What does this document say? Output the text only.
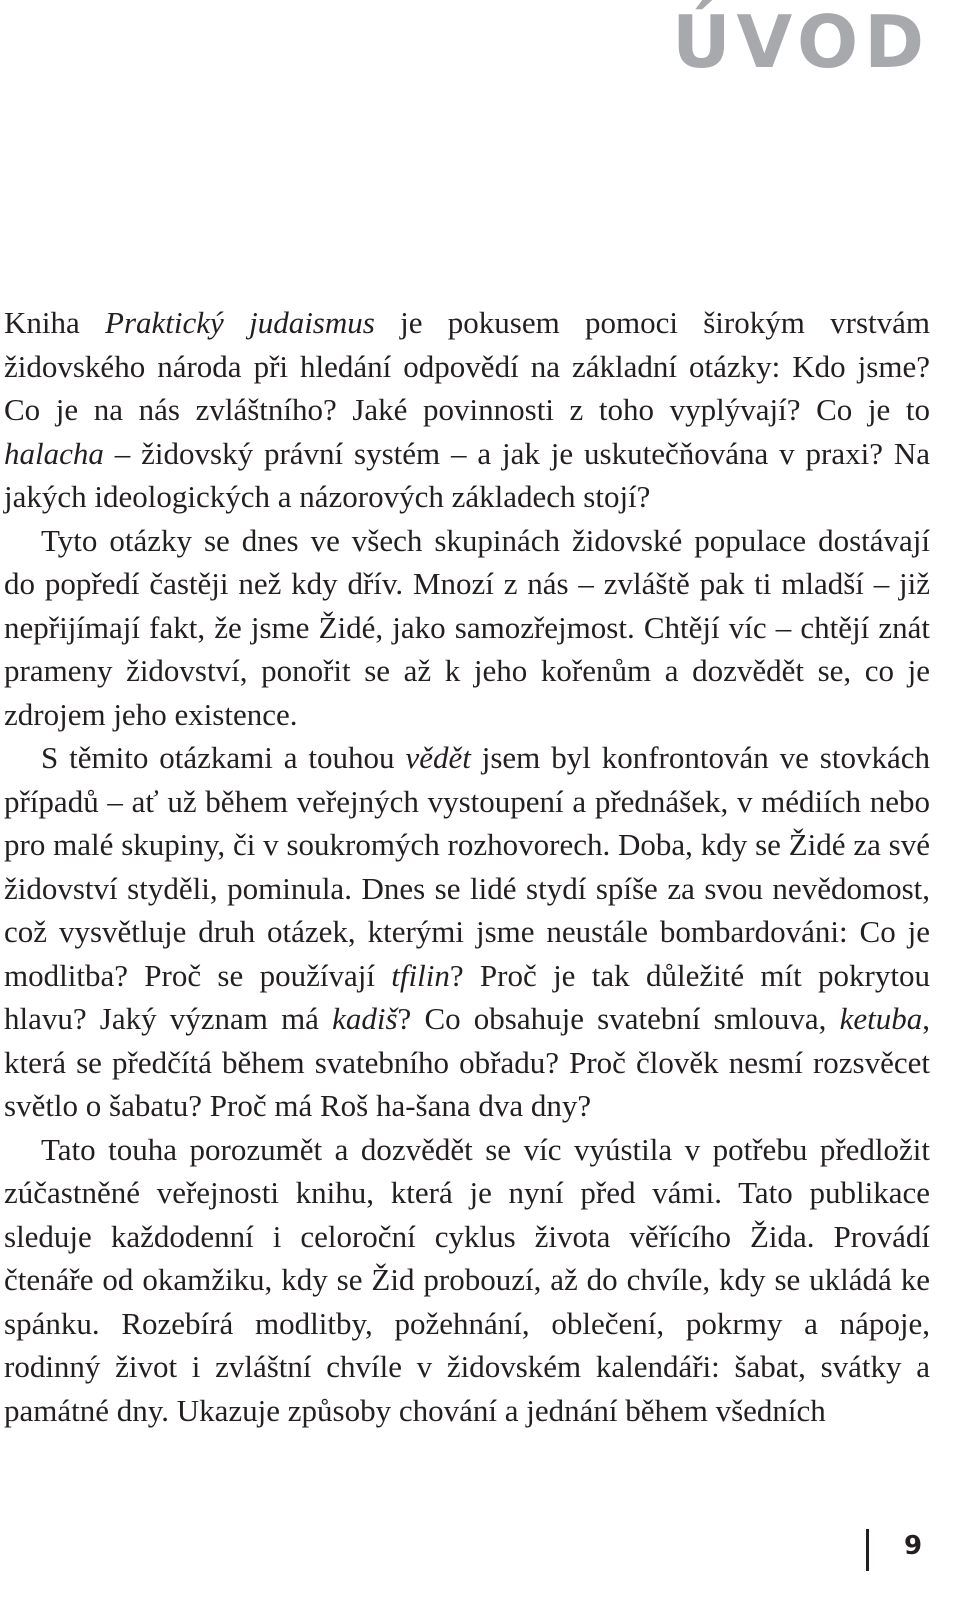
ÚVOD

Kniha Praktický judaismus je pokusem pomoci širokým vrstvám židovského národa při hledání odpovědí na základní otázky: Kdo jsme? Co je na nás zvláštního? Jaké povinnosti z toho vyplývají? Co je to halacha – židovský právní systém – a jak je uskutečňována v praxi? Na jakých ideologických a názorových základech stojí?

Tyto otázky se dnes ve všech skupinách židovské populace dostávají do popředí častěji než kdy dřív. Mnozí z nás – zvláště pak ti mladší – již nepřijímají fakt, že jsme Židé, jako samozřejmost. Chtějí víc – chtějí znát prameny židovství, ponořit se až k jeho kořenům a dozvědět se, co je zdrojem jeho existence.

S těmito otázkami a touhou vědět jsem byl konfrontován ve stovkách případů – ať už během veřejných vystoupení a přednášek, v médiích nebo pro malé skupiny, či v soukromých rozhovorech. Doba, kdy se Židé za své židovství styděli, pominula. Dnes se lidé stydí spíše za svou nevědomost, což vysvětluje druh otázek, kterými jsme neustále bombardováni: Co je modlitba? Proč se používají tfilin? Proč je tak důležité mít pokrytou hlavu? Jaký význam má kadiš? Co obsahuje svatební smlouva, ketuba, která se předčítá během svatebního obřadu? Proč člověk nesmí rozsvěcet světlo o šabatu? Proč má Roš ha-šana dva dny?

Tato touha porozumět a dozvědět se víc vyústila v potřebu předložit zúčastněné veřejnosti knihu, která je nyní před vámi. Tato publikace sleduje každodenní i celoroční cyklus života věřícího Žida. Provádí čtenáře od okamžiku, kdy se Žid probouzí, až do chvíle, kdy se ukládá ke spánku. Rozebírá modlitby, požehnání, oblečení, pokrmy a nápoje, rodinný život i zvláštní chvíle v židovském kalendáři: šabat, svátky a památné dny. Ukazuje způsoby chování a jednání během všedních

9
